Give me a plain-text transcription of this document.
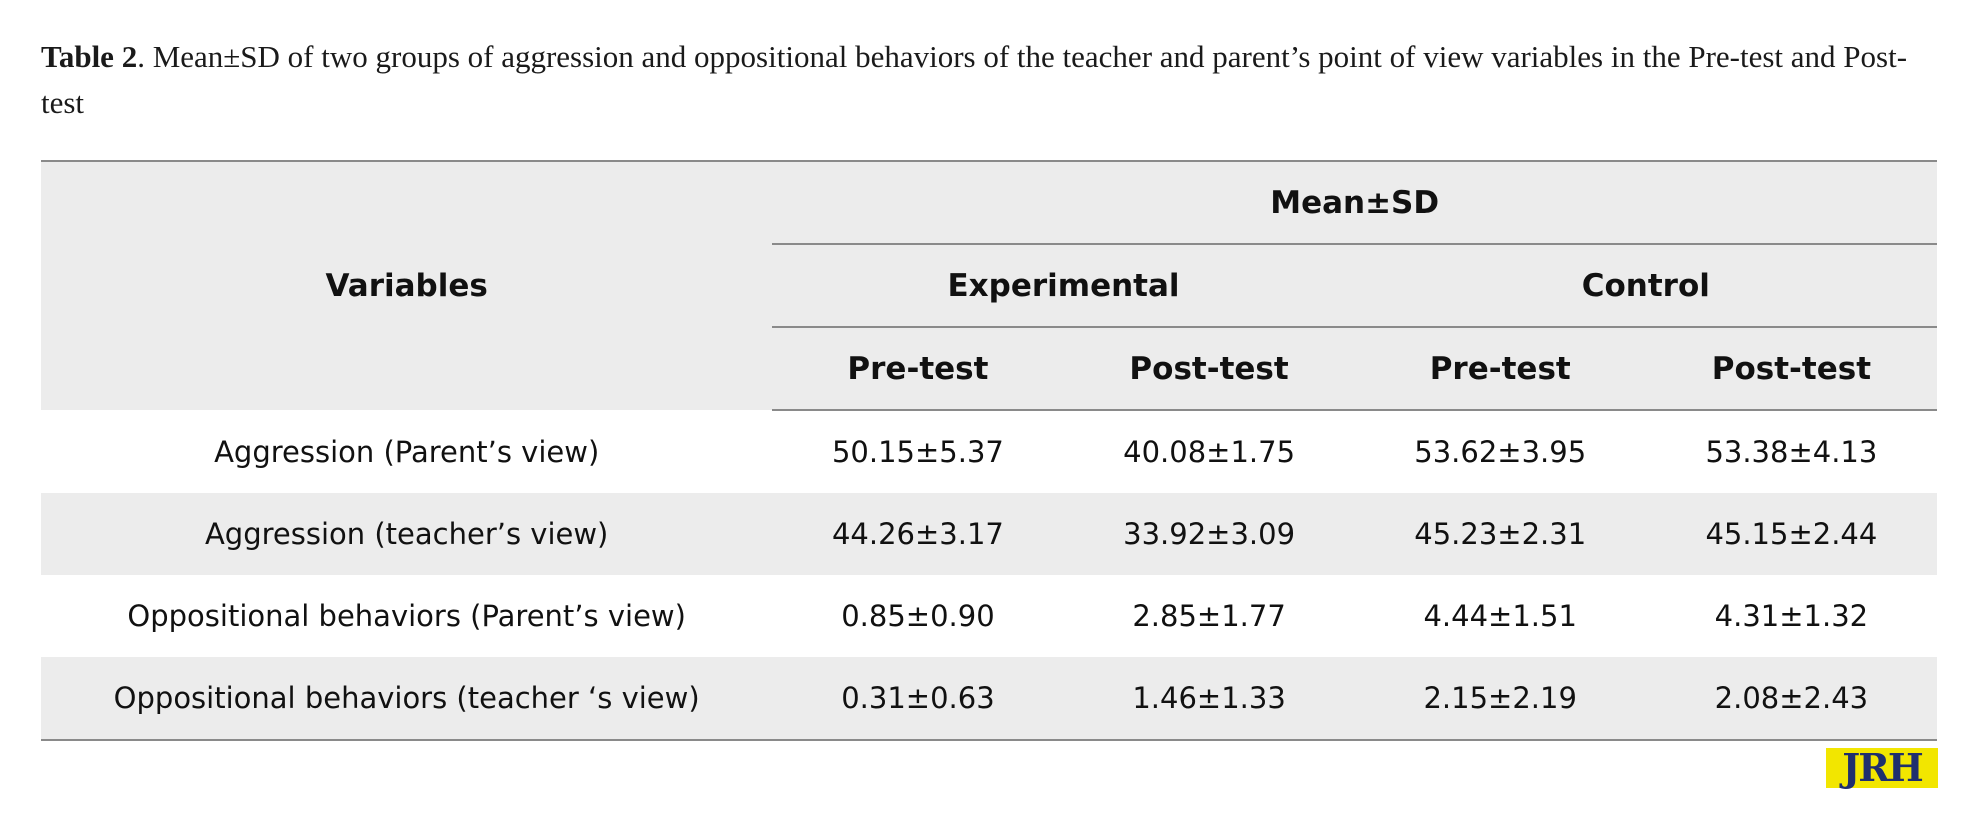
Table 2. Mean±SD of two groups of aggression and oppositional behaviors of the teacher and parent’s point of view variables in the Pre-test and Post-test
Variables	Mean±SD			
	Experimental		Control	
	Pre-test	Post-test	Pre-test	Post-test
Aggression (Parent’s view)	50.15±5.37	40.08±1.75	53.62±3.95	53.38±4.13
Aggression (teacher’s view)	44.26±3.17	33.92±3.09	45.23±2.31	45.15±2.44
Oppositional behaviors (Parent’s view)	0.85±0.90	2.85±1.77	4.44±1.51	4.31±1.32
Oppositional behaviors (teacher ‘s view)	0.31±0.63	1.46±1.33	2.15±2.19	2.08±2.43
JRH
